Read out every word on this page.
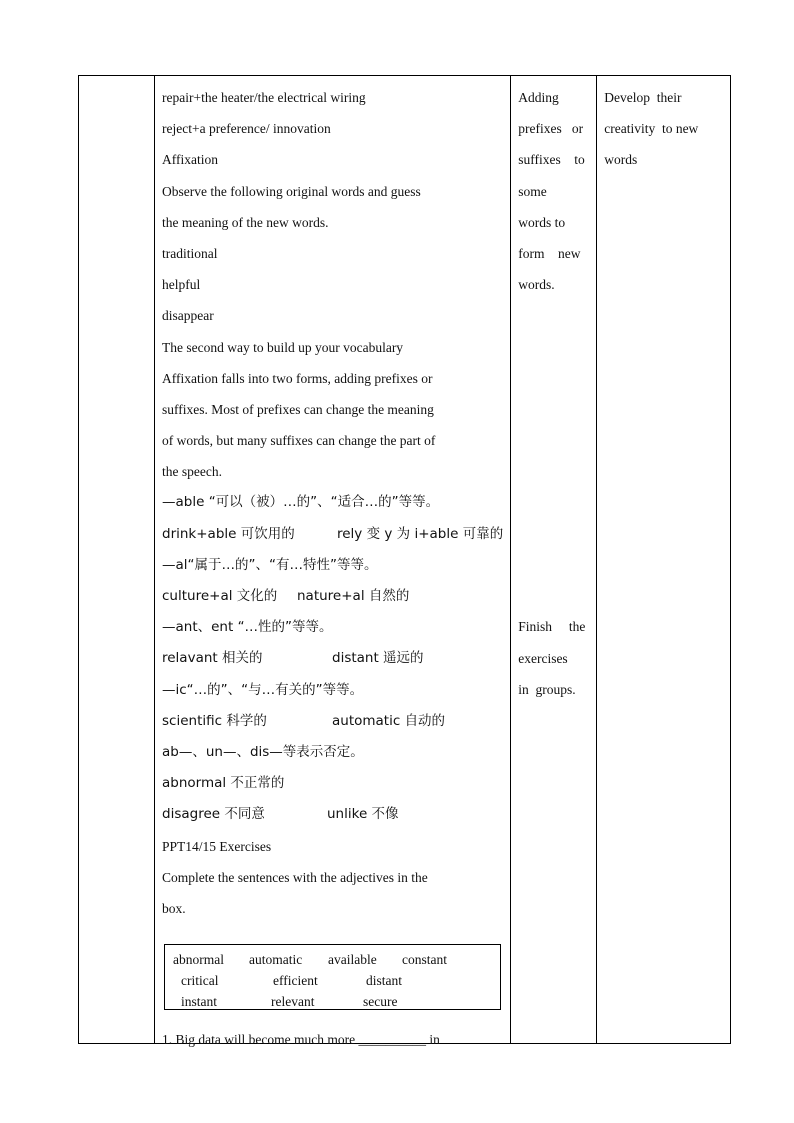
repair+the heater/the electrical wiring
reject+a preference/ innovation
Affixation
Observe the following original words and guess
the meaning of the new words.
traditional
helpful
disappear
The second way to build up your vocabulary
Affixation falls into two forms, adding prefixes or
suffixes. Most of prefixes can change the meaning
of words, but many suffixes can change the part of
the speech.
—able “可以（被）…的”、“适合…的”等等。
drink+able 可饮用的	rely 变 y 为 i+able 可靠的
—al“属于…的”、“有…特性”等等。
culture+al 文化的 nature+al 自然的
—ant、ent “…性的”等等。
relavant 相关的	distant 遥远的
—ic“…的”、“与…有关的”等等。
scientific 科学的	automatic 自动的
ab—、un—、dis—等表示否定。
abnormal 不正常的
disagree 不同意	unlike 不像
PPT14/15 Exercises
Complete the sentences with the adjectives in the
box.
abnormal automatic available constant
critical	efficient	distant
instant	relevant	secure
1. Big data will become much more __________ in

Adding
prefixes   or
suffixes    to
some
words to
form    new
words.
Finish     the
exercises
in  groups.

Develop  their
creativity  to new
words
